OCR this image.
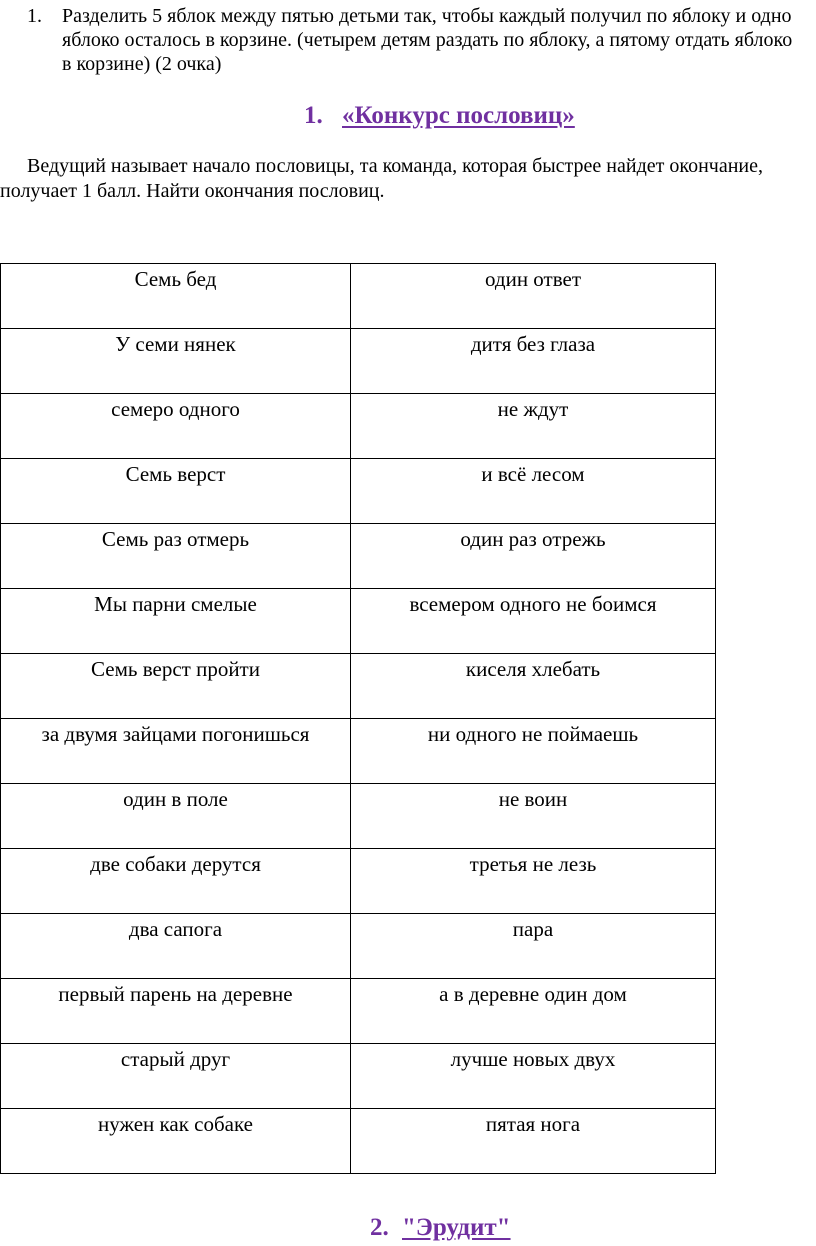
1. Разделить 5 яблок между пятью детьми так, чтобы каждый получил по яблоку и одно яблоко осталось в корзине. (четырем детям раздать по яблоку, а пятому отдать яблоко в корзине) (2 очка)
1. «Конкурс пословиц»
Ведущий называет начало пословицы, та команда, которая быстрее найдет окончание, получает 1 балл. Найти окончания пословиц.
Семь бед	один ответ
У семи нянек	дитя без глаза
семеро одного	не ждут
Семь верст	и всё лесом
Семь раз отмерь	один раз отрежь
Мы парни смелые	всемером одного не боимся
Семь верст пройти	киселя хлебать
за двумя зайцами погонишься	ни одного не поймаешь
один в поле	не воин
две собаки дерутся	третья не лезь
два сапога	пара
первый парень на деревне	а в деревне один дом
старый друг	лучше новых двух
нужен как собаке	пятая нога
2. "Эрудит"
